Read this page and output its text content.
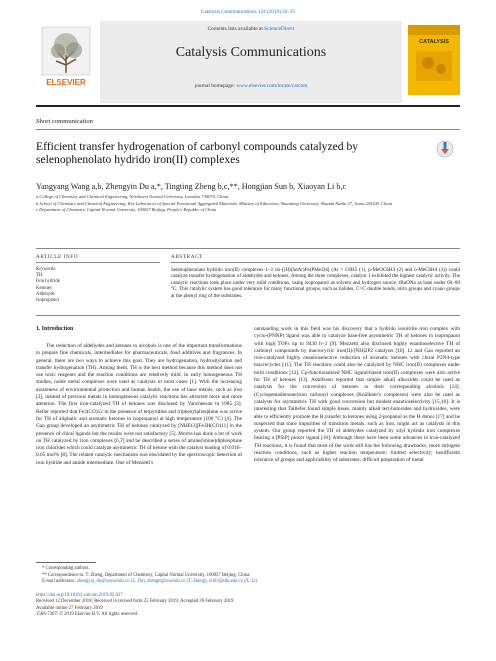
Catalysis Communications 124 (2019) 32–35
ELSEVIER
Contents lists available at ScienceDirect
Catalysis Communications
journal homepage: www.elsevier.com/locate/catcom
CATALYSIS
Short communication
Efficient transfer hydrogenation of carbonyl compounds catalyzed by selenophenolato hydrido iron(II) complexes
Yangyang Wang a,b, Zhengyin Du a,*, Tingting Zheng b,c,**, Hongjian Sun b, Xiaoyan Li b,c
a College of Chemistry and Chemical Engineering, Northwest Normal University, Lanzhou 730070, China
b School of Chemistry and Chemical Engineering, Key Laboratory of Special Functional Aggregated Materials, Ministry of Education, Shandong University, Shanda Nanlu 27, Jinan 250100, China
c Department of Chemistry, Capital Normal University, 100037 Beijing, People's Republic of China
ARTICLE INFO	ABSTRACT
Keywords:
TH
Iron hydride
Ketones
Aldehyde
Isopropanol
Selenophenolato hydrido iron(II) complexes 1–3 cis-[(H)(SeAr)Fe(PMe3)4] (Ar = C6H5 (1), p-MeOC6H4 (2) and o-MeC6H4 (3)) could catalyze transfer hydrogenation of aldehydes and ketones. Among the three complexes, catalyst 1 exhibited the highest catalytic activity. The catalytic reactions took place under very mild conditions, using isopropanol as solvent and hydrogen source, tBuONa as base under 60–80 °C. This catalytic system has good tolerance for many functional groups, such as halides, C=C double bonds, nitro groups and cyano groups at the phenyl ring of the substrates.
1. Introduction

The reduction of aldehydes and ketones to alcohols is one of the important transformations to prepare fine chemicals, intermediates for pharmaceuticals, food additives and fragrances. In general, there are two ways to achieve this goal. They are hydrogenation, hydrosilylation and transfer hydrogenation (TH). Among them, TH is the best method because this method does not use toxic reagents and the reaction conditions are relatively mild. In early homogeneous TH studies, noble metal complexes were used as catalysts in most cases [1]. With the increasing awareness of environmental protection and human health, the use of base metals, such as iron [2], instead of precious metals in homogeneous catalytic reactions has attracted more and more attention. The first iron-catalyzed TH of ketones was disclosed by Vancheesan in 1985 [3]. Beller reported that Fe3(CO)12 in the presence of terpyridine and triphenylphosphine was active for TH of aliphatic and aromatic ketones in isopropanol at high temperature (100 °C) [4]. The Gao group developed an asymmetric TH of ketones catalyzed by [NHEt3][Fe3H(CO)11] in the presence of chiral ligands but the results were not satisfactory [5]. Morris has done a lot of work on TH catalyzed by iron complexes [6,7] and he described a series of amine(imine)diphosphine iron chlorides which could catalyze asymmetric TH of ketone with the catalyst loading of 0.016–0.05 mol% [8]. The related catalytic mechanism was elucidated by the spectroscopic detection of iron hydride and amide intermediate. One of Mezzetti's

outstanding work in this field was his discovery that a hydrido isonitrile iron complex with cyclo-(PNNP) ligand was able to catalyze base-free asymmetric TH of ketones in isopropanol with high TOFs up to 9430 h−1 [9]. Mezzetti also disclosed highly enantioselective TH of carbonyl compounds by macrocyclic iron(II)/(NH)2P2 catalysts [10]. Li and Gao reported an iron-catalyzed highly enantioselective reduction of aromatic ketones with chiral P2N4-type macrocycles [11]. The TH reactions could also be catalyzed by NHC iron(II) complexes under mild conditions [12]. Cp-functionalized NHC ligand-based iron(II) complexes were also active for TH of ketones [13]. Adolfsson reported that simple alkali alkoxides could be used as catalysts for the conversion of ketones to their corresponding alcohols [14]. (Cyclopentadienone)iron carbonyl complexes (Knölkner's complexes) were also be used as catalysts for asymmetric TH with good conversion but modest enantioselectivity [15,16]. It is interesting that Taillefer found simple bases, mainly alkali tert-butoxides and hydroxides, were able to efficiently promote the H transfer to ketones using 2-propanol as the H donor [17] and he suspected that trace impurities of transition metals, such as iron, might act as catalysts in this system. Our group reported the TH of aldehydes catalyzed by silyl hydrido iron complexes bearing a [PSiP] pincer ligand [18]. Although there have been some advances in iron-catalyzed TH reactions, it is found that most of the work still has the following drawbacks: more stringent reaction conditions, such as higher reaction temperature; limited selectivity; insufficient tolerance of groups and applicability of substrates; difficult preparation of metal

* Corresponding authors.
** Correspondence to: T. Zheng, Department of Chemistry, Capital Normal University, 100037 Beijing, China.
E-mail addresses: zhengyin_du@nwnu.edu.cn (Z. Du), zhengtt@cnu.edu.cn (T. Zheng), xli63@sdu.edu.cn (X. Li).
https://doi.org/10.1016/j.catcom.2019.02.027
Received 12 December 2018; Received in revised form 25 February 2019; Accepted 26 February 2019
Available online 27 February 2019
1566-7367/ © 2019 Elsevier B.V. All rights reserved.
